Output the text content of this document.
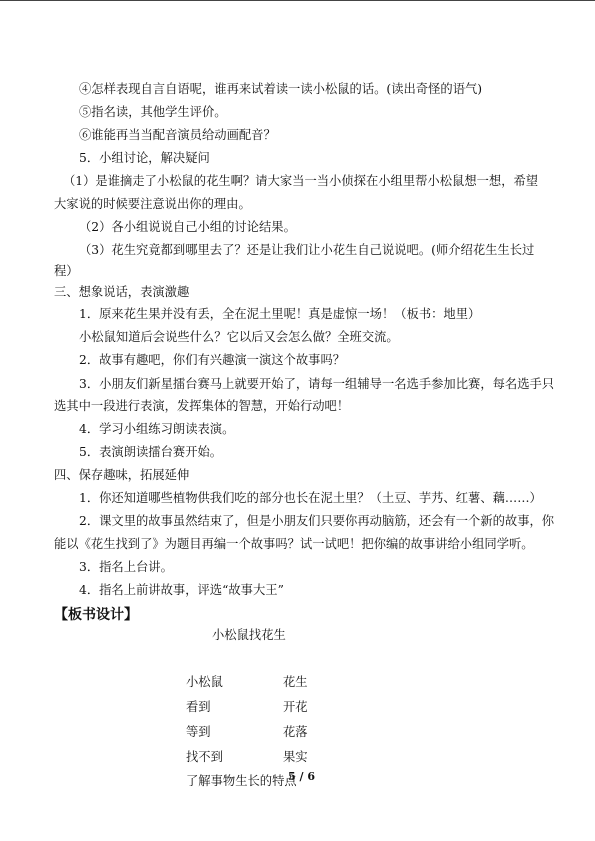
④怎样表现自言自语呢，谁再来试着读一读小松鼠的话。(读出奇怪的语气)
⑤指名读，其他学生评价。
⑥谁能再当当配音演员给动画配音？
5．小组讨论，解决疑问
（1）是谁摘走了小松鼠的花生啊？请大家当一当小侦探在小组里帮小松鼠想一想，希望
大家说的时候要注意说出你的理由。
（2）各小组说说自己小组的讨论结果。
（3）花生究竟都到哪里去了？还是让我们让小花生自己说说吧。(师介绍花生生长过
程）
三、想象说话，表演激趣
1．原来花生果并没有丢，全在泥土里呢！真是虚惊一场！（板书：地里）
小松鼠知道后会说些什么？它以后又会怎么做？全班交流。
2．故事有趣吧，你们有兴趣演一演这个故事吗？
3．小朋友们新星擂台赛马上就要开始了，请每一组辅导一名选手参加比赛，每名选手只
选其中一段进行表演，发挥集体的智慧，开始行动吧！
4．学习小组练习朗读表演。
5．表演朗读擂台赛开始。
四、保存趣味，拓展延伸
1．你还知道哪些植物供我们吃的部分也长在泥土里？（土豆、芋艿、红薯、藕……）
2．课文里的故事虽然结束了，但是小朋友们只要你再动脑筋，还会有一个新的故事，你
能以《花生找到了》为题目再编一个故事吗？试一试吧！把你编的故事讲给小组同学听。
3．指名上台讲。
4．指名上前讲故事，评选“故事大王”
【板书设计】
小松鼠找花生
小松鼠
看到
等到
找不到
花生
开花
花落
果实
了解事物生长的特点
5 / 6
